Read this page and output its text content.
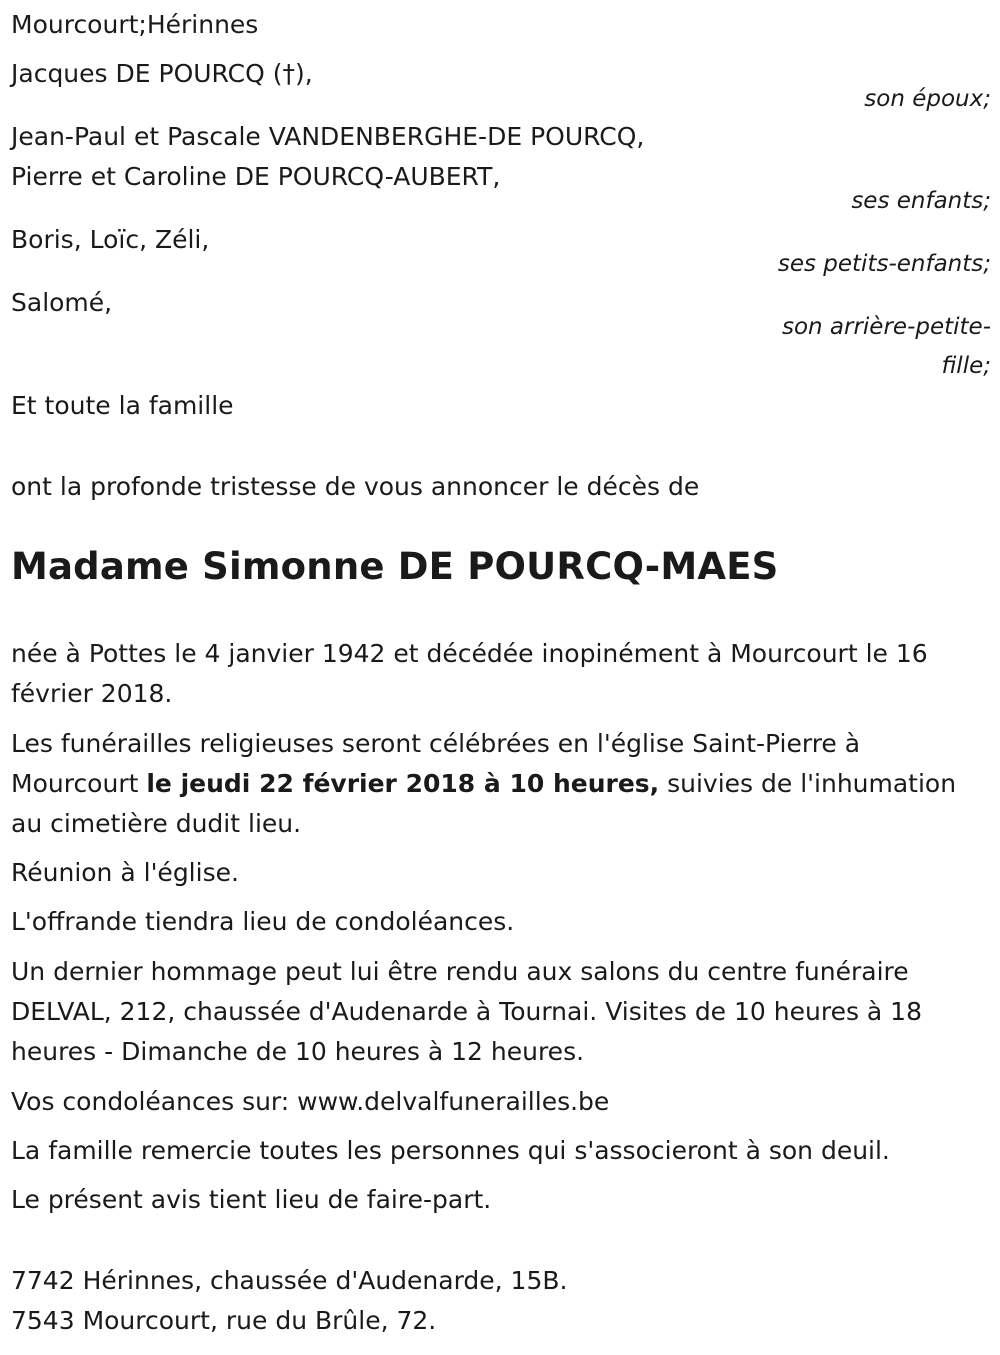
Mourcourt;Hérinnes
Jacques DE POURCQ (†),
son époux;
Jean-Paul et Pascale VANDENBERGHE-DE POURCQ,
Pierre et Caroline DE POURCQ-AUBERT,
ses enfants;
Boris, Loïc, Zéli,
ses petits-enfants;
Salomé,
son arrière-petite-
fille;
Et toute la famille
ont la profonde tristesse de vous annoncer le décès de
Madame Simonne DE POURCQ-MAES
née à Pottes le 4 janvier 1942 et décédée inopinément à Mourcourt le 16 février 2018.
Les funérailles religieuses seront célébrées en l'église Saint-Pierre à Mourcourt le jeudi 22 février 2018 à 10 heures, suivies de l'inhumation au cimetière dudit lieu.
Réunion à l'église.
L'offrande tiendra lieu de condoléances.
Un dernier hommage peut lui être rendu aux salons du centre funéraire DELVAL, 212, chaussée d'Audenarde à Tournai. Visites de 10 heures à 18 heures - Dimanche de 10 heures à 12 heures.
Vos condoléances sur: www.delvalfunerailles.be
La famille remercie toutes les personnes qui s'associeront à son deuil.
Le présent avis tient lieu de faire-part.
7742 Hérinnes, chaussée d'Audenarde, 15B.
7543 Mourcourt, rue du Brûle, 72.
